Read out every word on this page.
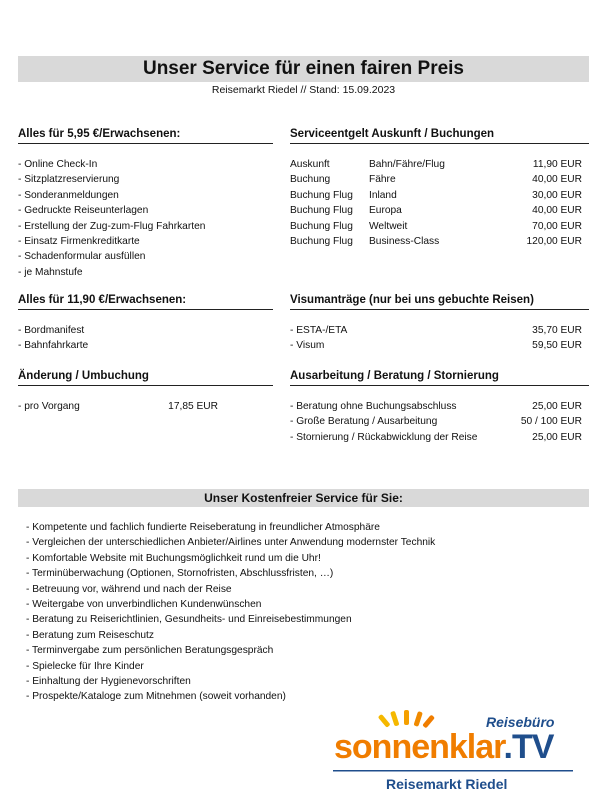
Unser Service für einen fairen Preis
Reisemarkt Riedel // Stand: 15.09.2023
Alles für 5,95 €/Erwachsenen:
- Online Check-In
- Sitzplatzreservierung
- Sonderanmeldungen
- Gedruckte Reiseunterlagen
- Erstellung der Zug-zum-Flug Fahrkarten
- Einsatz Firmenkreditkarte
- Schadenformular ausfüllen
- je Mahnstufe
Alles für 11,90 €/Erwachsenen:
- Bordmanifest
- Bahnfahrkarte
Änderung / Umbuchung
- pro Vorgang	17,85 EUR
Serviceentgelt Auskunft / Buchungen
Auskunft	Bahn/Fähre/Flug	11,90 EUR
Buchung	Fähre	40,00 EUR
Buchung Flug Inland	30,00 EUR
Buchung Flug Europa	40,00 EUR
Buchung Flug Weltweit	70,00 EUR
Buchung Flug Business-Class	120,00 EUR
Visumanträge (nur bei uns gebuchte Reisen)
- ESTA-/ETA	35,70 EUR
- Visum	59,50 EUR
Ausarbeitung / Beratung / Stornierung
- Beratung ohne Buchungsabschluss	25,00 EUR
- Große Beratung / Ausarbeitung	50 / 100 EUR
- Stornierung / Rückabwicklung der Reise	25,00 EUR
Unser Kostenfreier Service für Sie:
- Kompetente und fachlich fundierte Reiseberatung in freundlicher Atmosphäre
- Vergleichen der unterschiedlichen Anbieter/Airlines unter Anwendung modernster Technik
- Komfortable Website mit Buchungsmöglichkeit rund um die Uhr!
- Terminüberwachung (Optionen, Stornofristen, Abschlussfristen, …)
- Betreuung vor, während und nach der Reise
- Weitergabe von unverbindlichen Kundenwünschen
- Beratung zu Reiserichtlinien, Gesundheits- und Einreisebestimmungen
- Beratung zum Reiseschutz
- Terminvergabe zum persönlichen Beratungsgespräch
- Spielecke für Ihre Kinder
- Einhaltung der Hygienevorschriften
- Prospekte/Kataloge zum Mitnehmen (soweit vorhanden)
Reisebüro
sonnenklar.TV
Reisemarkt Riedel
